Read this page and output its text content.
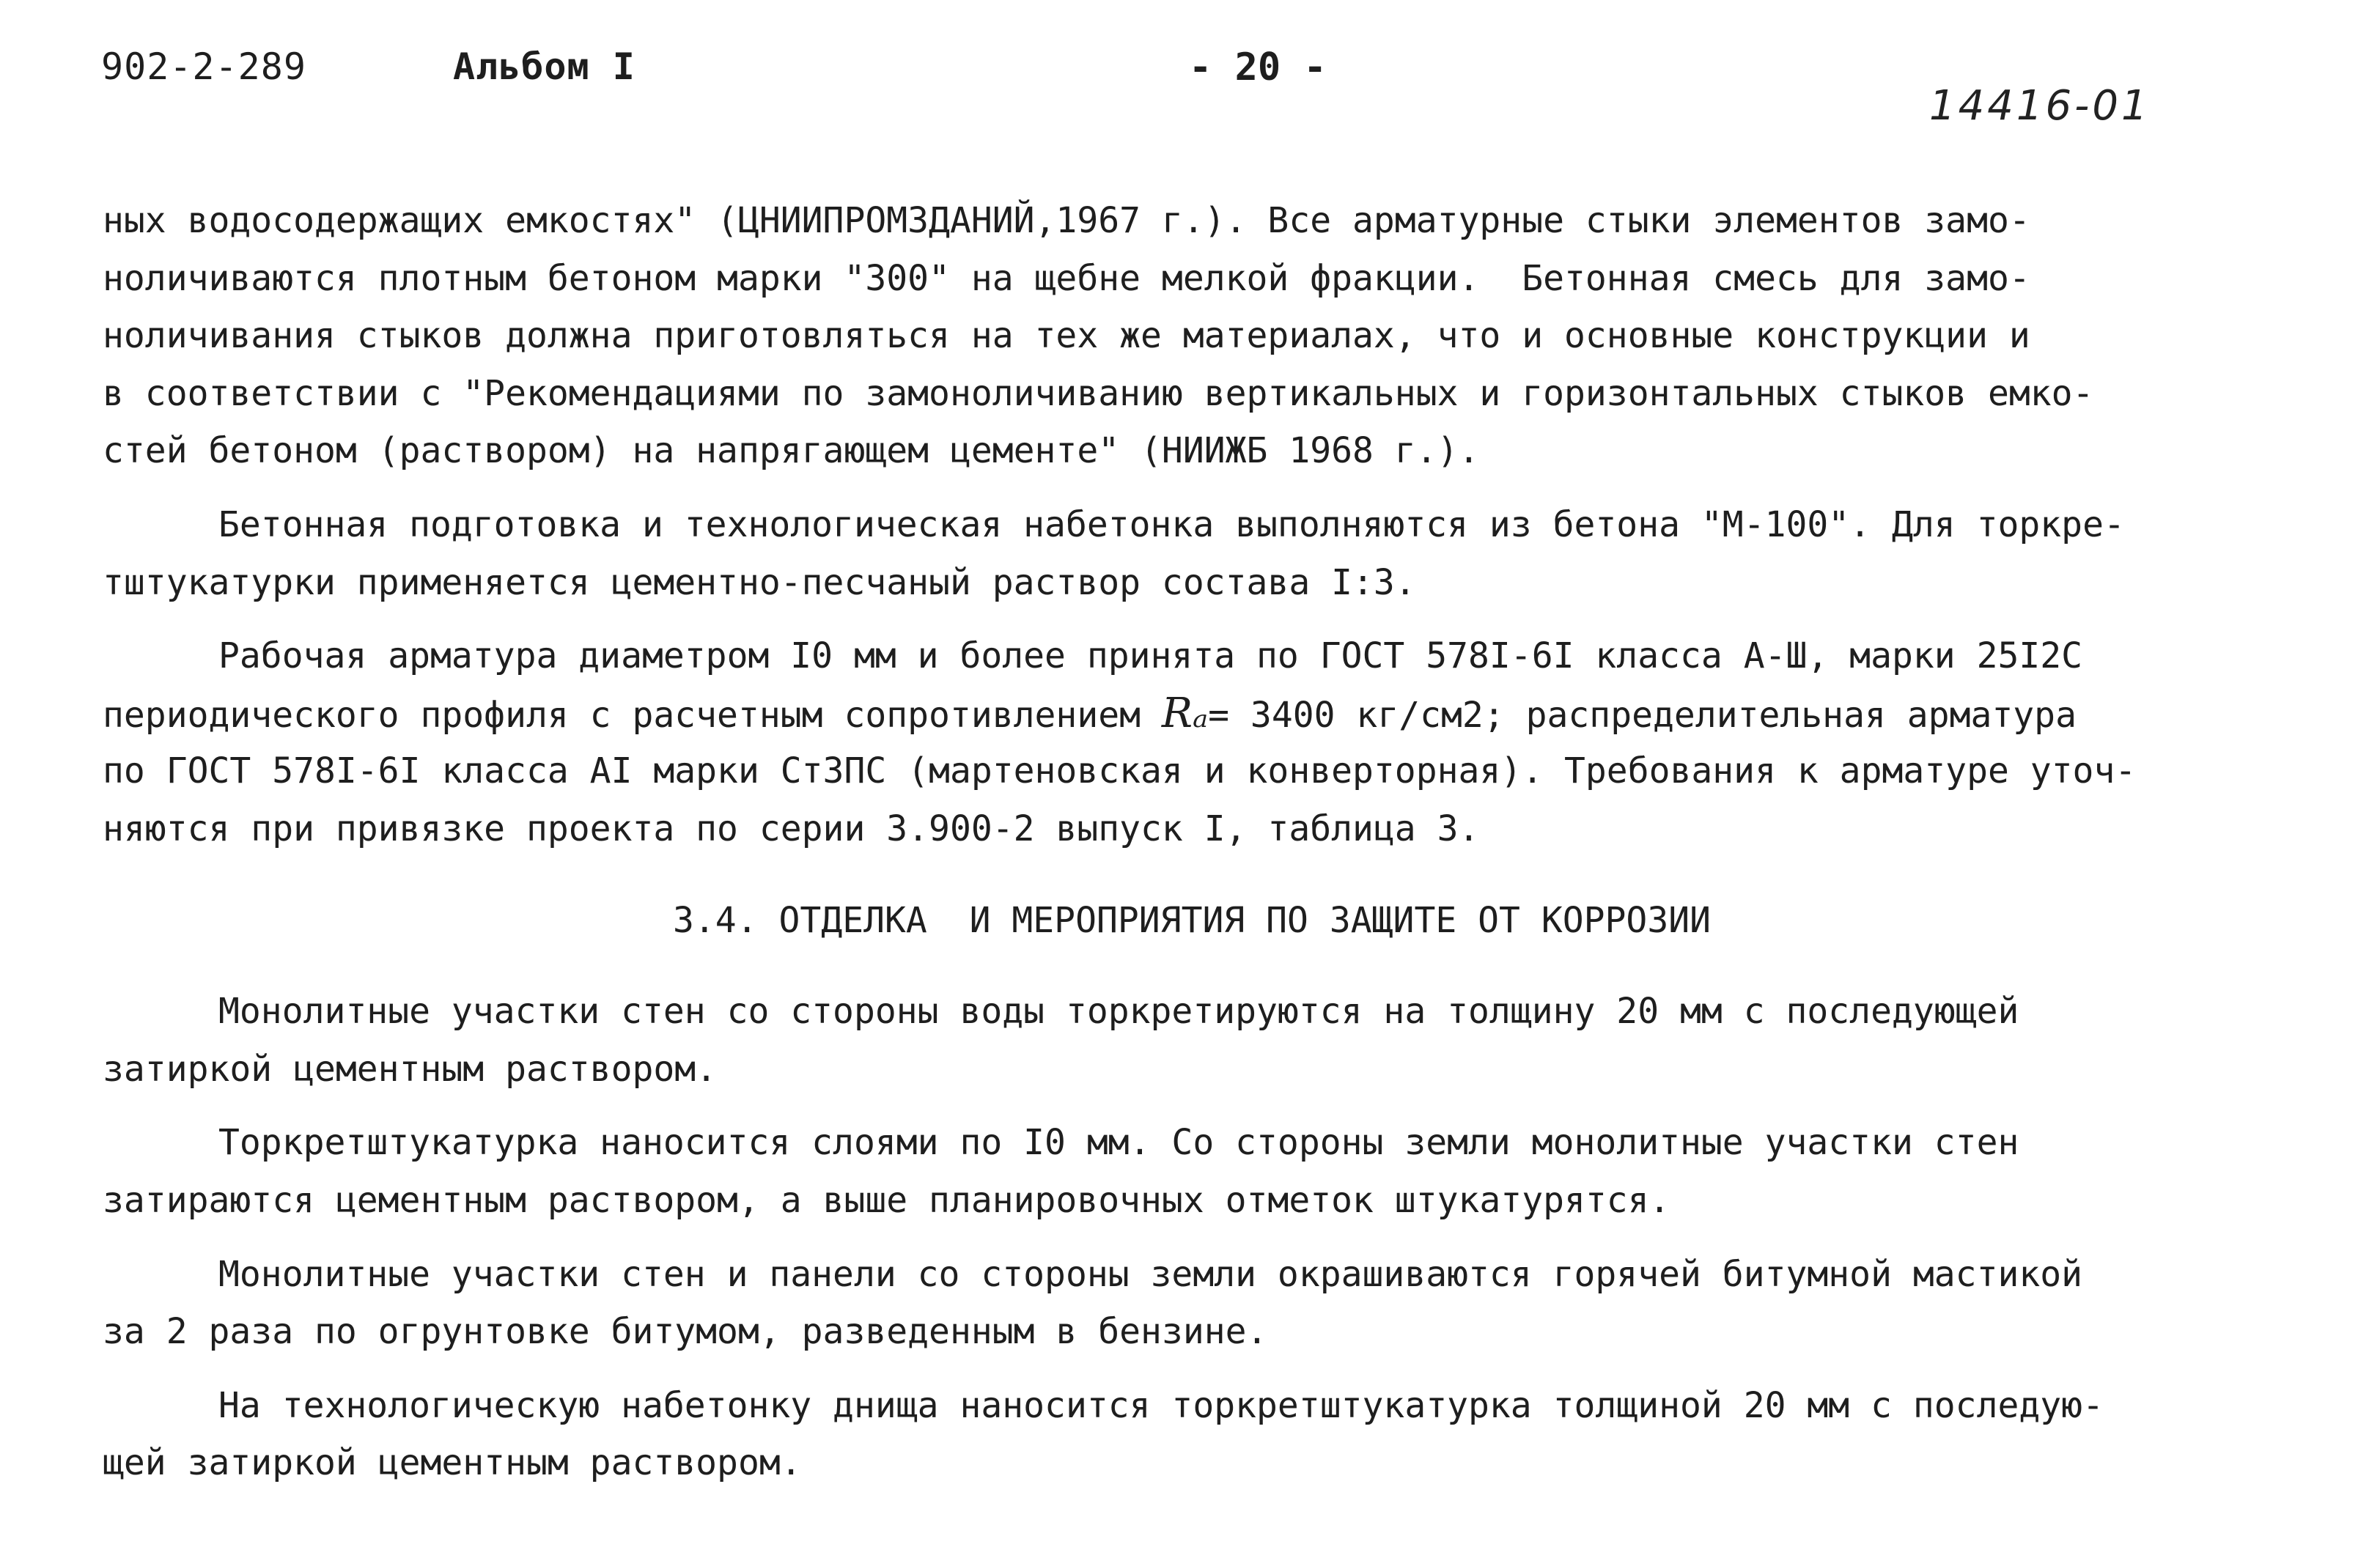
902-2-289	Альбом I	- 20 -
14416-01
ных водосодержащих емкостях" (ЦНИИПРОМЗДАНИЙ,1967 г.). Все арматурные стыки элементов замо-
ноличиваются плотным бетоном марки "300" на щебне мелкой фракции.  Бетонная смесь для замо-
ноличивания стыков должна приготовляться на тех же материалах, что и основные конструкции и
в соответствии с "Рекомендациями по замоноличиванию вертикальных и горизонтальных стыков емко-
стей бетоном (раствором) на напрягающем цементе" (НИИЖБ 1968 г.).
Бетонная подготовка и технологическая набетонка выполняются из бетона "М-100". Для торкре-
тштукатурки применяется цементно-песчаный раствор состава I:3.
Рабочая арматура диаметром I0 мм и более принята по ГОСТ 578I-6I класса А-Ш, марки 25I2С
периодического профиля с расчетным сопротивлением Rₐ= 3400 кг/см2; распределительная арматура
по ГОСТ 578I-6I класса АI марки Ст3ПС (мартеновская и конверторная). Требования к арматуре уточ-
няются при привязке проекта по серии 3.900-2 выпуск I, таблица 3.
3.4. ОТДЕЛКА  И МЕРОПРИЯТИЯ ПО ЗАЩИТЕ ОТ КОРРОЗИИ
Монолитные участки стен со стороны воды торкретируются на толщину 20 мм с последующей
затиркой цементным раствором.
Торкретштукатурка наносится слоями по I0 мм. Со стороны земли монолитные участки стен
затираются цементным раствором, а выше планировочных отметок штукатурятся.
Монолитные участки стен и панели со стороны земли окрашиваются горячей битумной мастикой
за 2 раза по огрунтовке битумом, разведенным в бензине.
На технологическую набетонку днища наносится торкретштукатурка толщиной 20 мм с последую-
щей затиркой цементным раствором.
